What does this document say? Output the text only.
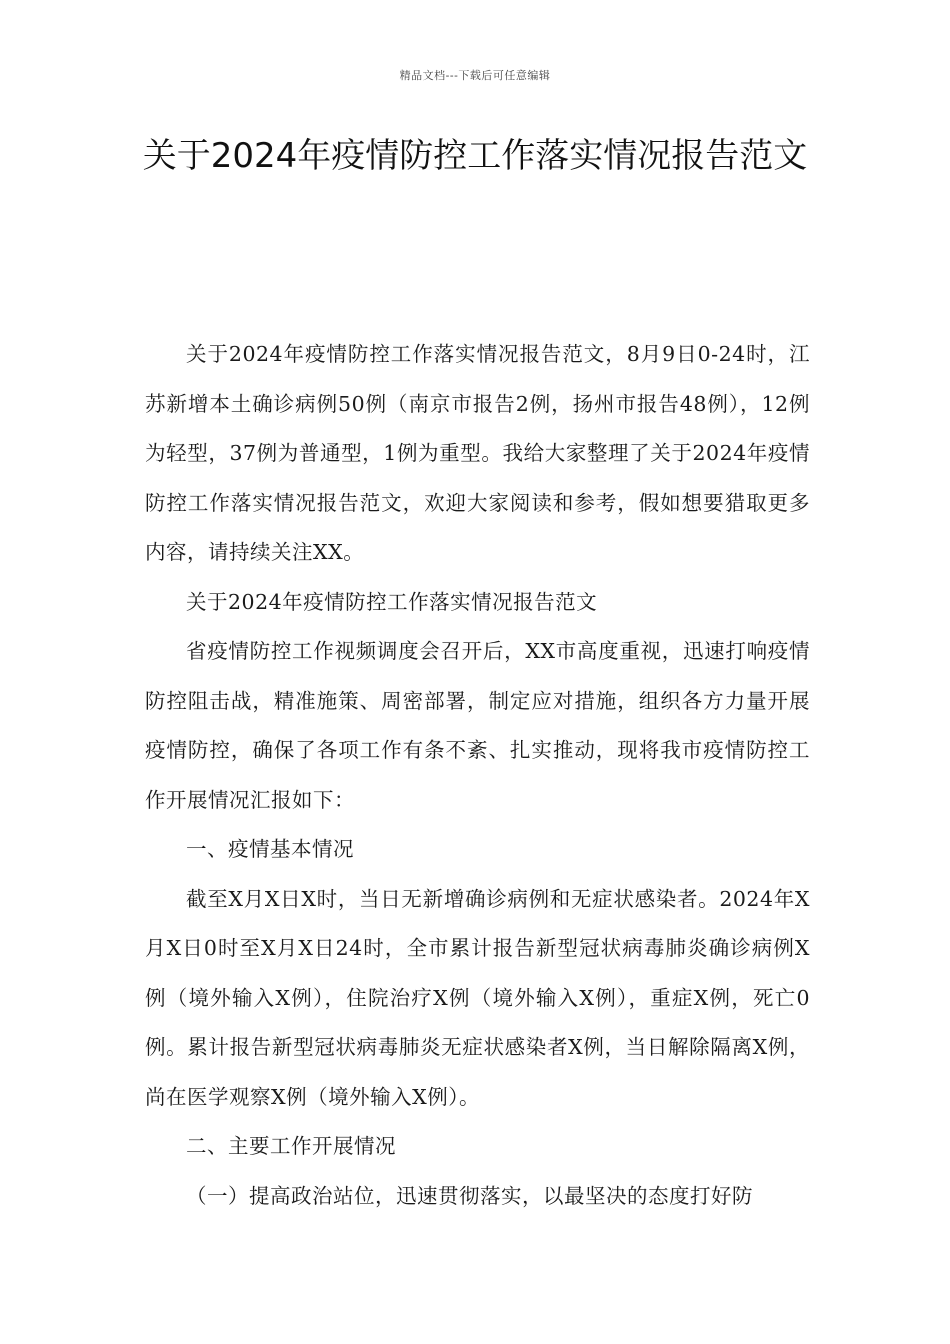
精品文档---下载后可任意编辑
关于2024年疫情防控工作落实情况报告范文

关于2024年疫情防控工作落实情况报告范文，8月9日0-24时，江苏新增本土确诊病例50例（南京市报告2例，扬州市报告48例），12例为轻型，37例为普通型，1例为重型。我给大家整理了关于2024年疫情防控工作落实情况报告范文，欢迎大家阅读和参考，假如想要猎取更多内容，请持续关注XX。

关于2024年疫情防控工作落实情况报告范文

省疫情防控工作视频调度会召开后，XX市高度重视，迅速打响疫情防控阻击战，精准施策、周密部署，制定应对措施，组织各方力量开展疫情防控，确保了各项工作有条不紊、扎实推动，现将我市疫情防控工作开展情况汇报如下：

一、疫情基本情况

截至X月X日X时，当日无新增确诊病例和无症状感染者。2024年X月X日0时至X月X日24时，全市累计报告新型冠状病毒肺炎确诊病例X例（境外输入X例），住院治疗X例（境外输入X例），重症X例，死亡0例。累计报告新型冠状病毒肺炎无症状感染者X例，当日解除隔离X例，尚在医学观察X例（境外输入X例）。

二、主要工作开展情况

（一）提高政治站位，迅速贯彻落实，以最坚决的态度打好防
